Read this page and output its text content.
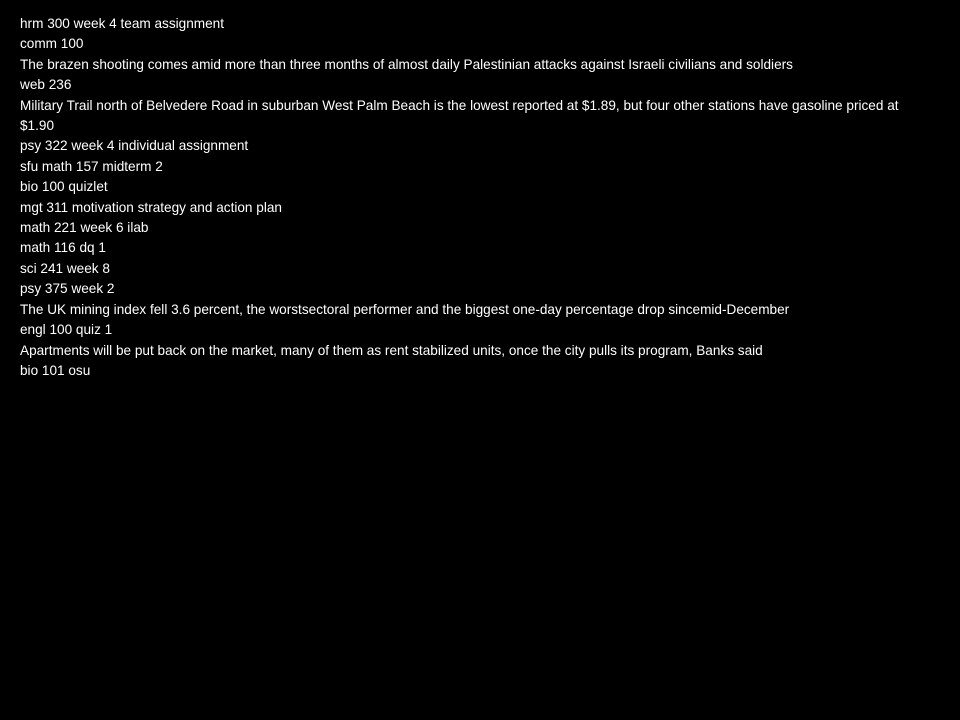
hrm 300 week 4 team assignment
comm 100
The brazen shooting comes amid more than three months of almost daily Palestinian attacks against Israeli civilians and soldiers
web 236
Military Trail north of Belvedere Road in suburban West Palm Beach is the lowest reported at $1.89, but four other stations have gasoline priced at $1.90
psy 322 week 4 individual assignment
sfu math 157 midterm 2
bio 100 quizlet
mgt 311 motivation strategy and action plan
math 221 week 6 ilab
math 116 dq 1
sci 241 week 8
psy 375 week 2
The UK mining index fell 3.6 percent, the worstsectoral performer and the biggest one-day percentage drop sincemid-December
engl 100 quiz 1
Apartments will be put back on the market, many of them as rent stabilized units, once the city pulls its program, Banks said
bio 101 osu
